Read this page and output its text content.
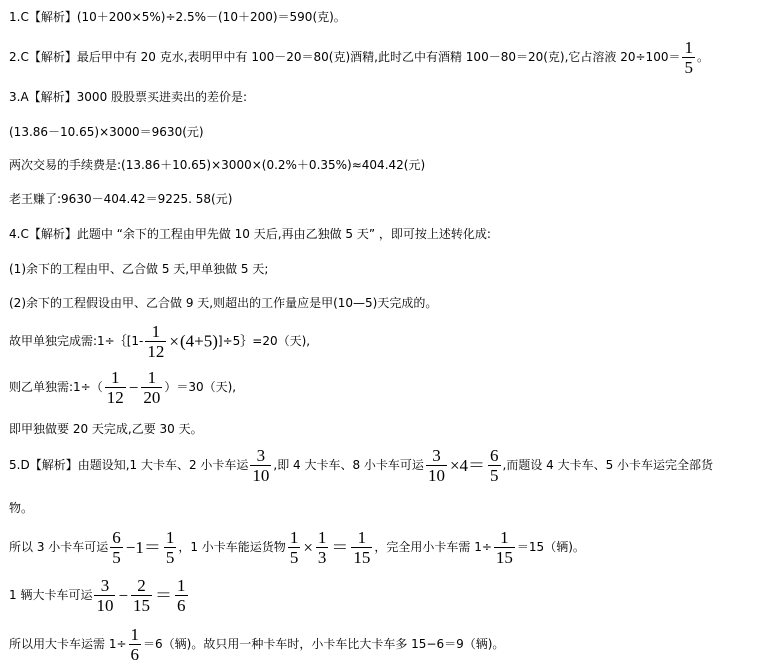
1.C【解析】(10＋200×5%)÷2.5%－(10＋200)＝590(克)。
2.C【解析】最后甲中有 20 克水,表明甲中有 100－20＝80(克)酒精,此时乙中有酒精 100－80＝20(克),它占溶液 $20\div 100= \frac{1}{5}$ 。
3.A【解析】3000 股股票买进卖出的差价是:
(13.86－10.65)×3000＝9630(元)
两次交易的手续费是:(13.86＋10.65)×3000×(0.2%＋0.35%)≈404.42(元)
老王赚了:9630－404.42＝9225. 58(元)
4.C【解析】此题中 “余下的工程由甲先做 10 天后,再由乙独做 5 天” ，即可按上述转化成:
(1)余下的工程由甲、乙合做 5 天,甲单独做 5 天;
(2)余下的工程假设由甲、乙合做 9 天,则超出的工作量应是甲(10—5)天完成的。
故甲单独完成需:1÷｛[1- $\frac{1}{12}$ ×(4+5)]÷5｝=20（天),
则乙单独需:1÷（ $\frac{1}{12} - \frac{1}{20} )=30$（天),
即甲独做要 20 天完成,乙要 30 天。
5.D【解析】由题设知,1 大卡车、2 小卡车运 $\frac{3}{10}$ ,即 4 大卡车、8 小卡车可运 $\frac{3}{10} \times 4= \frac{6}{5}$ ,而题设 4 大卡车、5 小卡车运完全部货
物。
所以 3 小卡车可运 $\frac{6}{5} -1= \frac{1}{5}$ ，1 小卡车能运货物 $\frac{1}{5} \times \frac{1}{3} = \frac{1}{15}$ ，完全用小卡车需 $1\div \frac{1}{15} =15$（辆)。
1 辆大卡车可运 $\frac{3}{10} - \frac{2}{15} = \frac{1}{6}$
所以用大卡车运需 $1\div \frac{1}{6} =6$（辆)。故只用一种卡车时，小卡车比大卡车多 15−6＝9（辆)。
